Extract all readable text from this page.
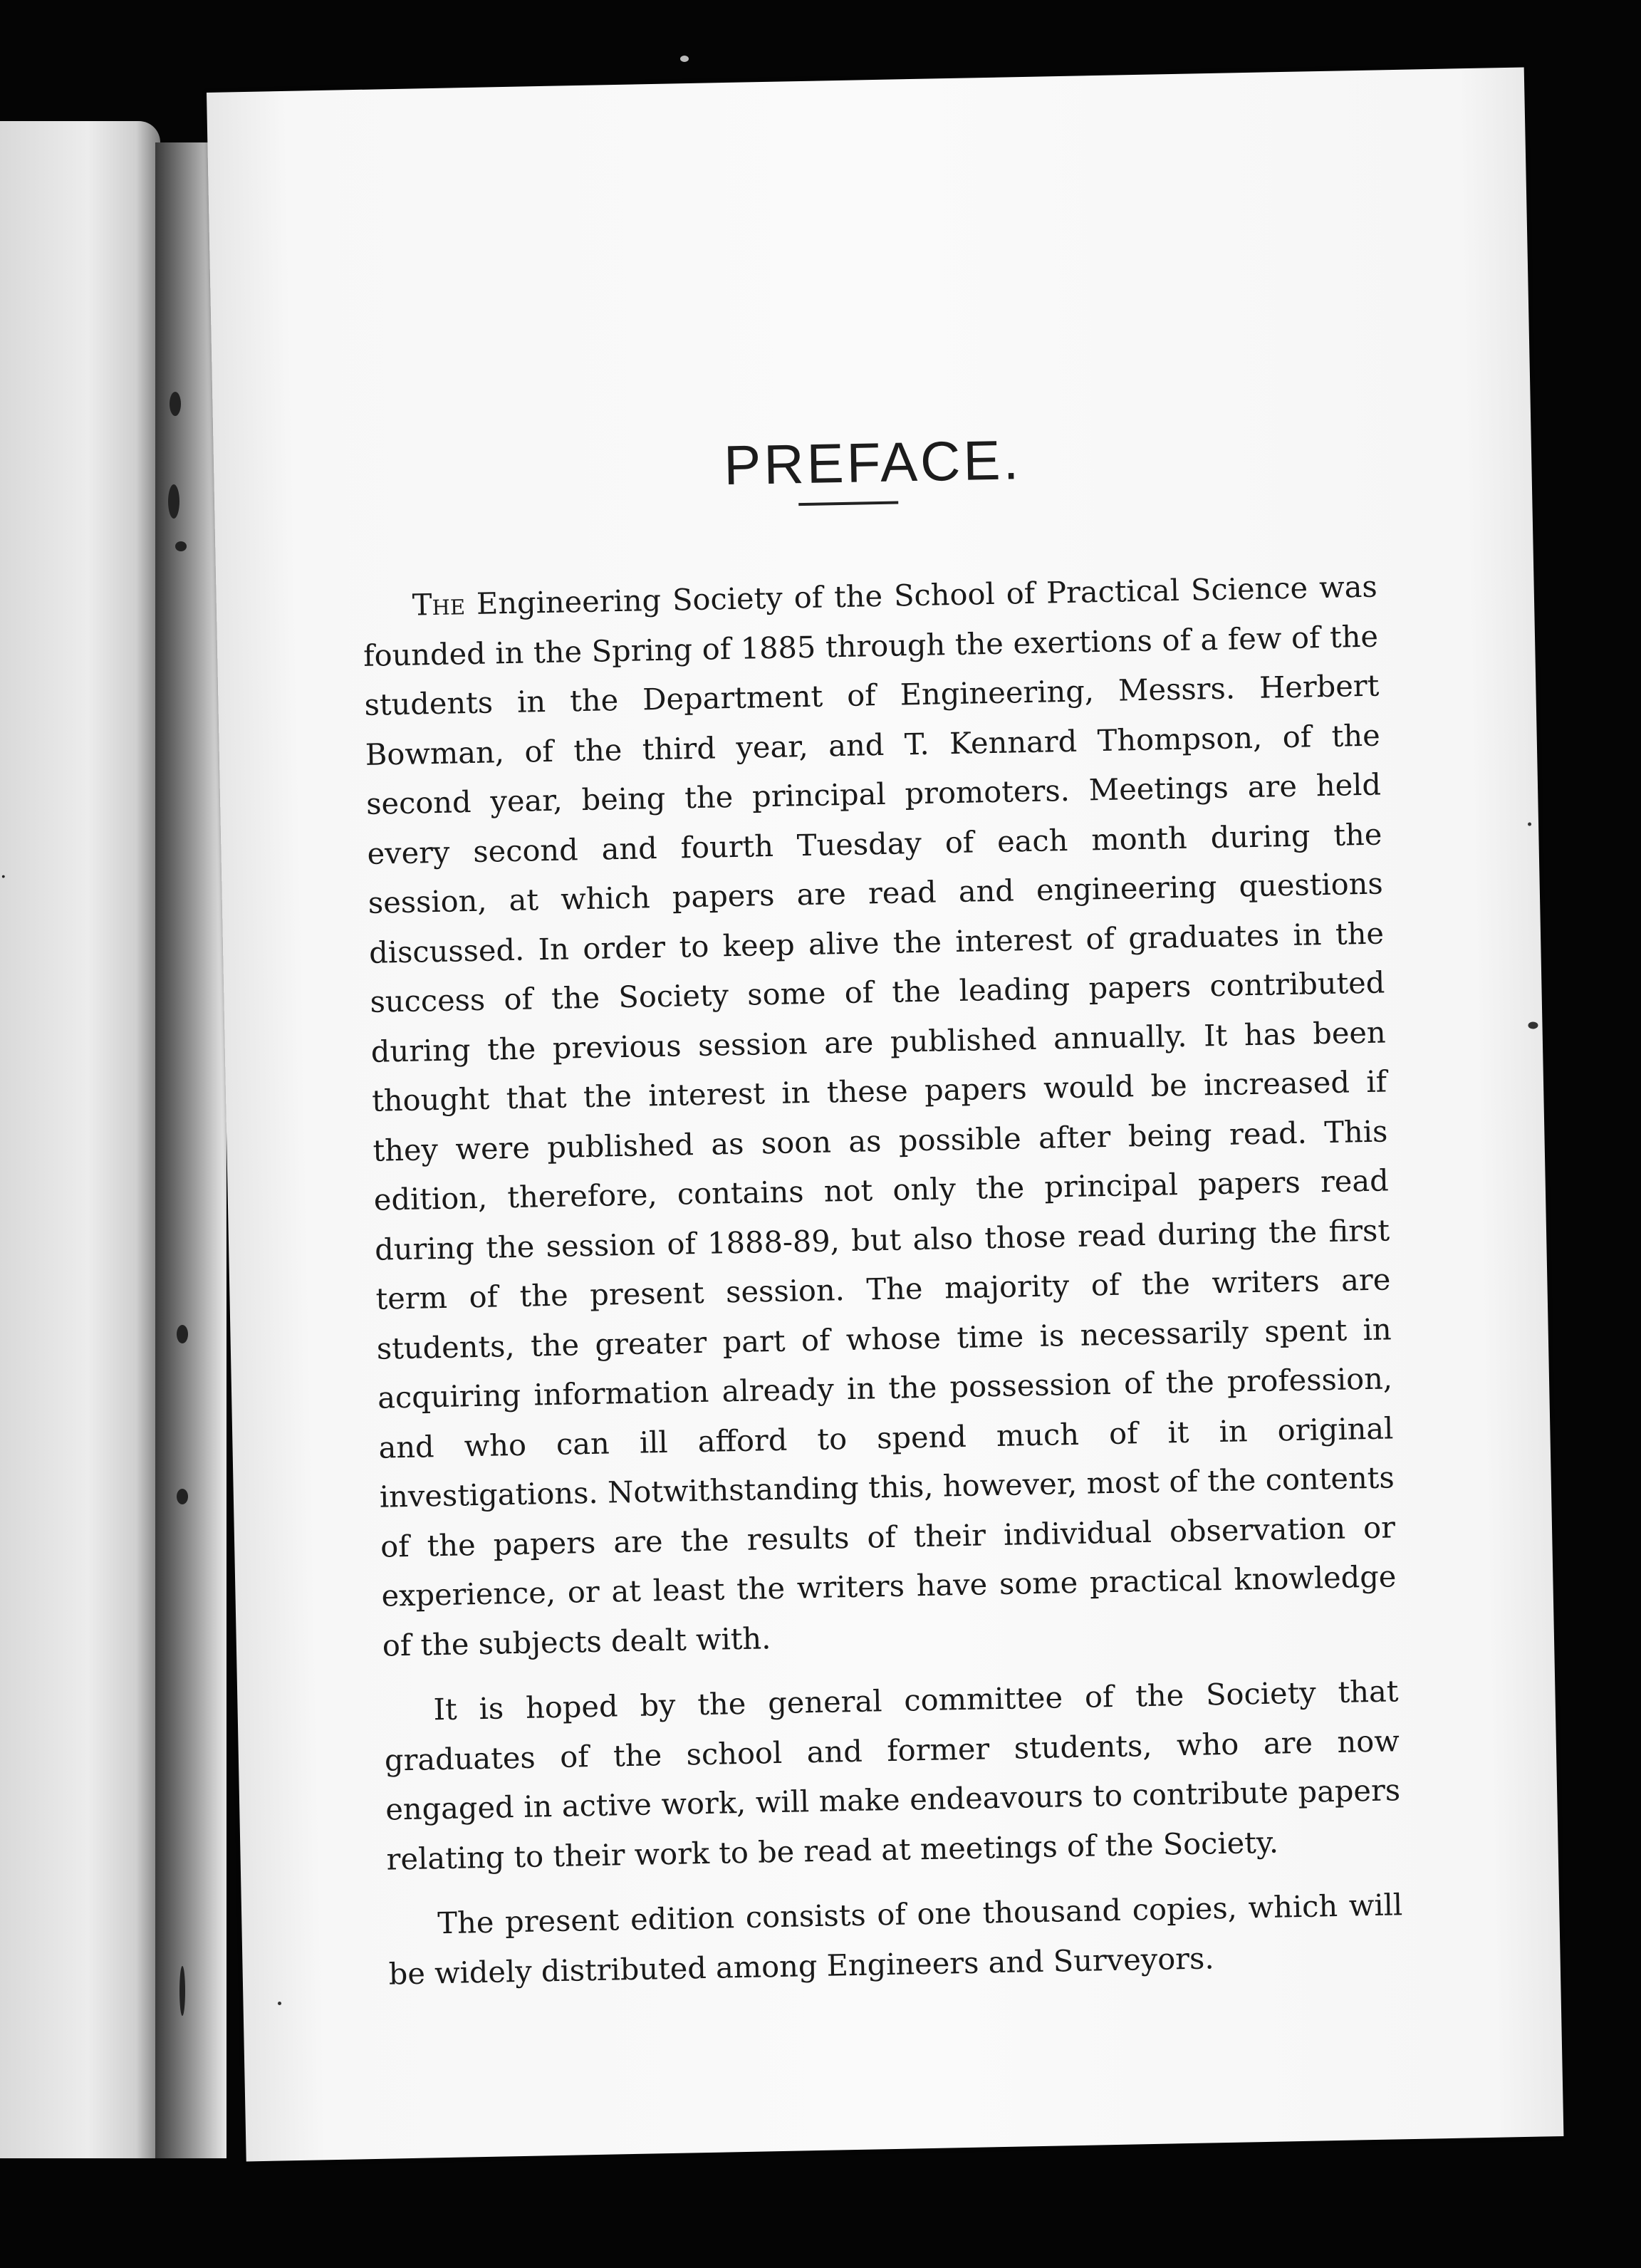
.
PREFACE.

The Engineering Society of the School of Practical Science was founded in the Spring of 1885 through the exertions of a few of the students in the Department of Engineering, Messrs. Herbert Bowman, of the third year, and T. Kennard Thompson, of the second year, being the principal promoters. Meetings are held every second and fourth Tuesday of each month during the session, at which papers are read and engineering questions discussed. In order to keep alive the interest of graduates in the success of the Society some of the leading papers contributed during the previous session are published annually. It has been thought that the interest in these papers would be increased if they were published as soon as possible after being read. This edition, therefore, contains not only the principal papers read during the session of 1888-89, but also those read during the first term of the present session. The majority of the writers are students, the greater part of whose time is necessarily spent in acquiring information already in the possession of the profession, and who can ill afford to spend much of it in original investigations. Notwithstanding this, however, most of the contents of the papers are the results of their individual observation or experience, or at least the writers have some practical knowledge of the subjects dealt with.

It is hoped by the general committee of the Society that graduates of the school and former students, who are now engaged in active work, will make endeavours to contribute papers relating to their work to be read at meetings of the Society.

The present edition consists of one thousand copies, which will be widely distributed among Engineers and Surveyors.
